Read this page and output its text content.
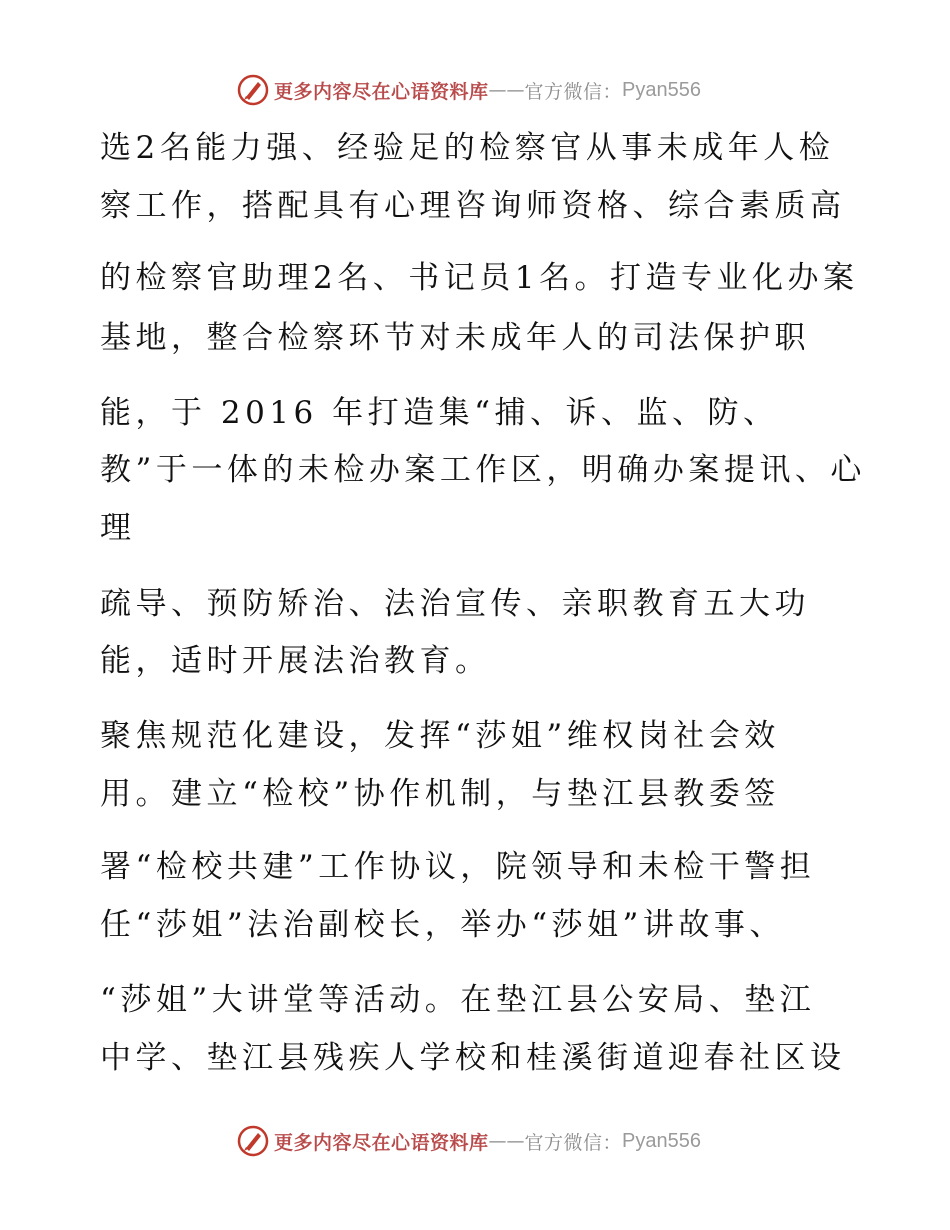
更多内容尽在心语资料库 —— 官方微信： Pyan556
选2名能力强、经验足的检察官从事未成年人检
察工作，搭配具有心理咨询师资格、综合素质高
的检察官助理2名、书记员1名。打造专业化办案
基地，整合检察环节对未成年人的司法保护职
能，于 2016 年打造集“捕、诉、监、防、
教”于一体的未检办案工作区，明确办案提讯、心
理
疏导、预防矫治、法治宣传、亲职教育五大功
能，适时开展法治教育。
聚焦规范化建设，发挥“莎姐”维权岗社会效
用。建立“检校”协作机制，与垫江县教委签
署“检校共建”工作协议，院领导和未检干警担
任“莎姐”法治副校长，举办“莎姐”讲故事、
“莎姐”大讲堂等活动。在垫江县公安局、垫江
中学、垫江县残疾人学校和桂溪街道迎春社区设
更多内容尽在心语资料库 —— 官方微信： Pyan556
